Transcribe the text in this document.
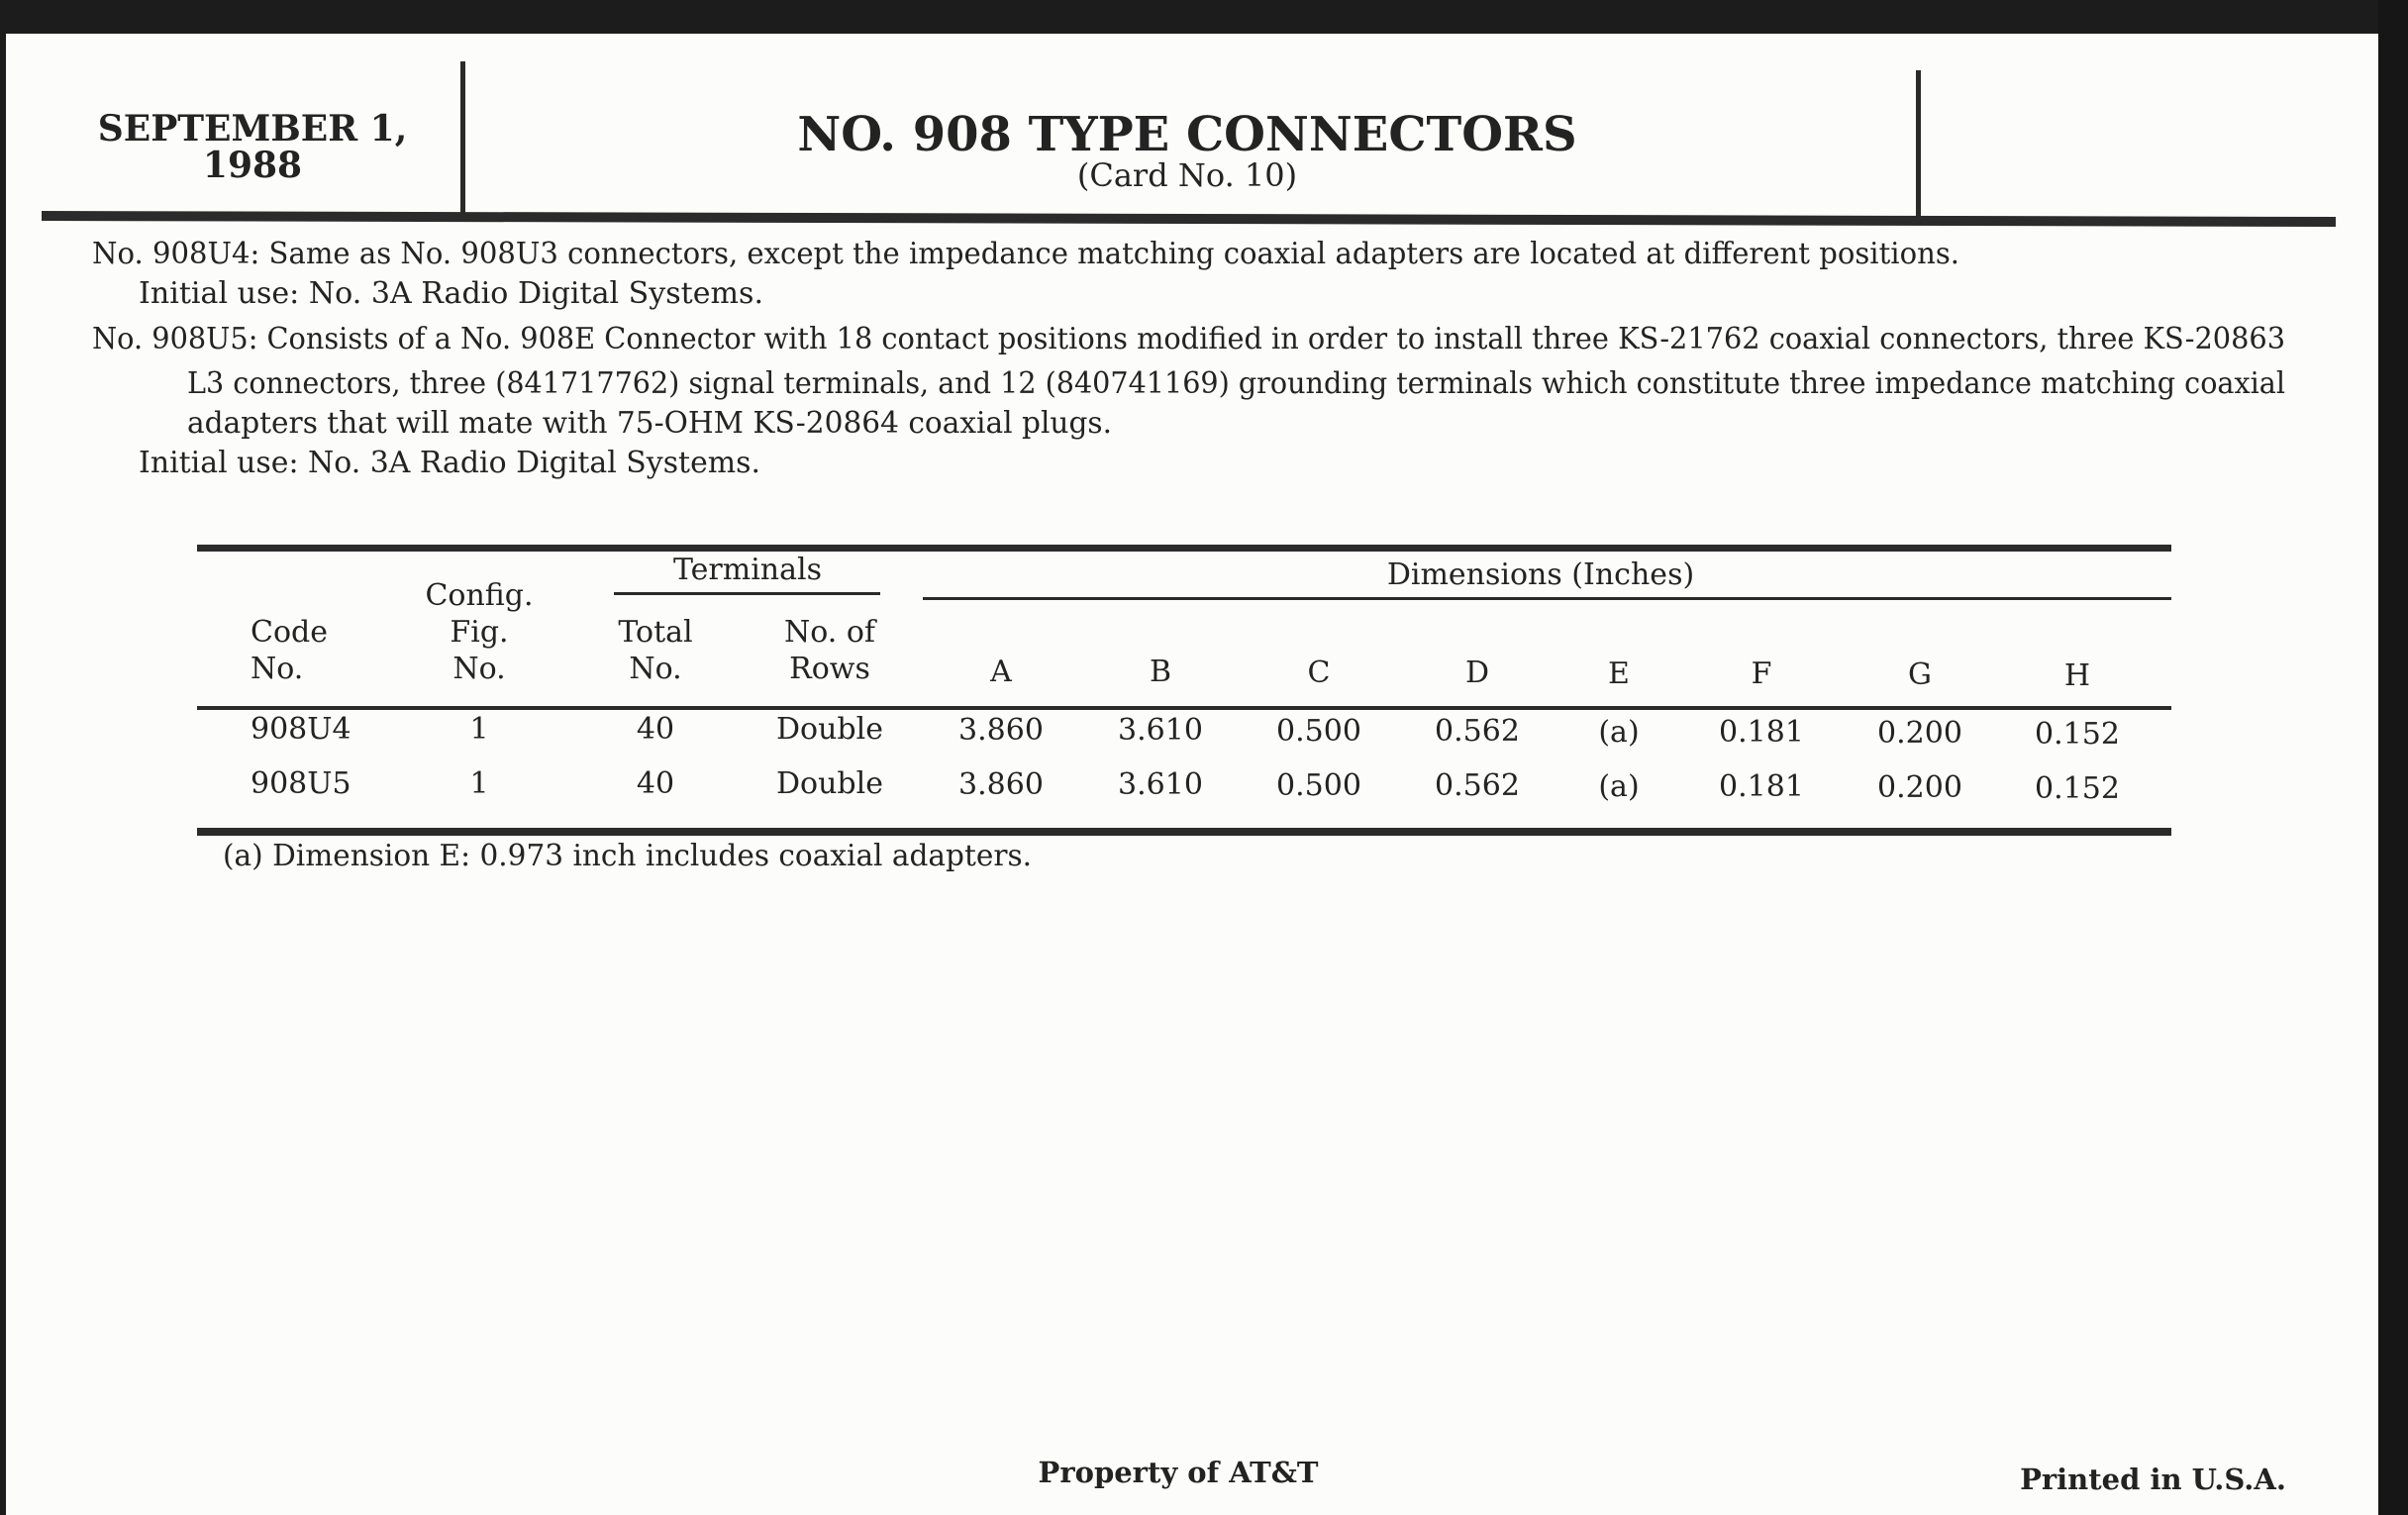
SEPTEMBER 1,
1988
NO. 908 TYPE CONNECTORS
(Card No. 10)
No. 908U4: Same as No. 908U3 connectors, except the impedance matching coaxial adapters are located at different positions.
Initial use: No. 3A Radio Digital Systems.
No. 908U5: Consists of a No. 908E Connector with 18 contact positions modified in order to install three KS-21762 coaxial connectors, three KS-20863
L3 connectors, three (841717762) signal terminals, and 12 (840741169) grounding terminals which constitute three impedance matching coaxial
adapters that will mate with 75-OHM KS-20864 coaxial plugs.
Initial use: No. 3A Radio Digital Systems.
Terminals	Dimensions (Inches)
Code
No.
Config.
Fig.
No.
Total
No.
No. of
Rows	A	B	C	D	E	F	G	H
908U4	1	40	Double	3.860	3.610 0.500 0.562	(a)	0.181 0.200 0.152
908U5	1	40	Double	3.860	3.610 0.500 0.562	(a)	0.181 0.200 0.152
(a) Dimension E: 0.973 inch includes coaxial adapters.
Property of AT&T	Printed in U.S.A.
